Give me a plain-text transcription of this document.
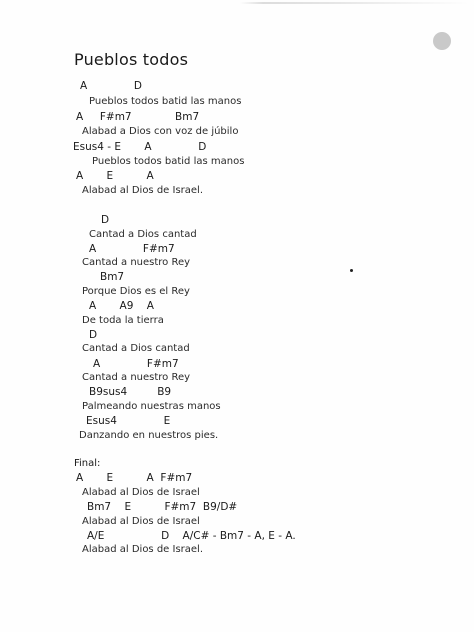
Pueblos todos
A              D
Pueblos todos batid las manos
A     F#m7             Bm7
Alabad a Dios con voz de júbilo
Esus4 - E       A              D
Pueblos todos batid las manos
A       E          A
Alabad al Dios de Israel.
D
Cantad a Dios cantad
A              F#m7
Cantad a nuestro Rey
Bm7
Porque Dios es el Rey
A       A9    A
De toda la tierra
D
Cantad a Dios cantad
A              F#m7
Cantad a nuestro Rey
B9sus4         B9
Palmeando nuestras manos
Esus4              E
Danzando en nuestros pies.
Final:
A       E          A  F#m7
Alabad al Dios de Israel
Bm7    E          F#m7  B9/D#
Alabad al Dios de Israel
A/E                 D    A/C# - Bm7 - A, E - A.
Alabad al Dios de Israel.
